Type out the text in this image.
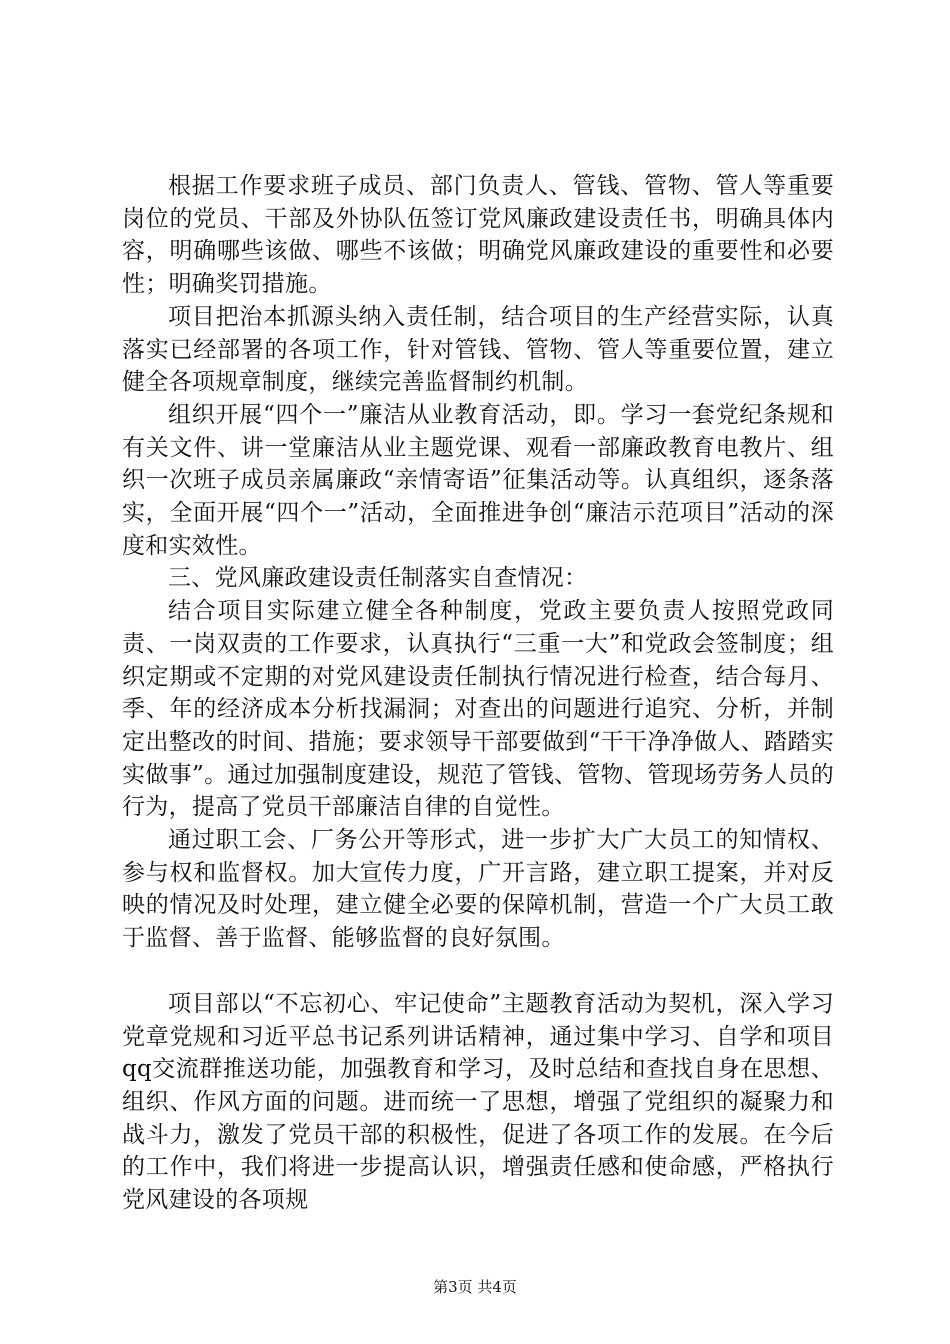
根据工作要求班子成员、部门负责人、管钱、管物、管人等重要岗位的党员、干部及外协队伍签订党风廉政建设责任书，明确具体内容，明确哪些该做、哪些不该做；明确党风廉政建设的重要性和必要性；明确奖罚措施。

项目把治本抓源头纳入责任制，结合项目的生产经营实际，认真落实已经部署的各项工作，针对管钱、管物、管人等重要位置，建立健全各项规章制度，继续完善监督制约机制。

组织开展“四个一”廉洁从业教育活动，即。学习一套党纪条规和有关文件、讲一堂廉洁从业主题党课、观看一部廉政教育电教片、组织一次班子成员亲属廉政“亲情寄语”征集活动等。认真组织，逐条落实，全面开展“四个一”活动，全面推进争创“廉洁示范项目”活动的深度和实效性。

三、党风廉政建设责任制落实自查情况：

结合项目实际建立健全各种制度，党政主要负责人按照党政同责、一岗双责的工作要求，认真执行“三重一大”和党政会签制度；组织定期或不定期的对党风建设责任制执行情况进行检查，结合每月、季、年的经济成本分析找漏洞；对查出的问题进行追究、分析，并制定出整改的时间、措施；要求领导干部要做到“干干净净做人、踏踏实实做事”。通过加强制度建设，规范了管钱、管物、管现场劳务人员的行为，提高了党员干部廉洁自律的自觉性。

通过职工会、厂务公开等形式，进一步扩大广大员工的知情权、参与权和监督权。加大宣传力度，广开言路，建立职工提案，并对反映的情况及时处理，建立健全必要的保障机制，营造一个广大员工敢于监督、善于监督、能够监督的良好氛围。

项目部以“不忘初心、牢记使命”主题教育活动为契机，深入学习党章党规和习近平总书记系列讲话精神，通过集中学习、自学和项目qq交流群推送功能，加强教育和学习，及时总结和查找自身在思想、组织、作风方面的问题。进而统一了思想，增强了党组织的凝聚力和战斗力，激发了党员干部的积极性，促进了各项工作的发展。在今后的工作中，我们将进一步提高认识，增强责任感和使命感，严格执行党风建设的各项规

第3页 共4页
